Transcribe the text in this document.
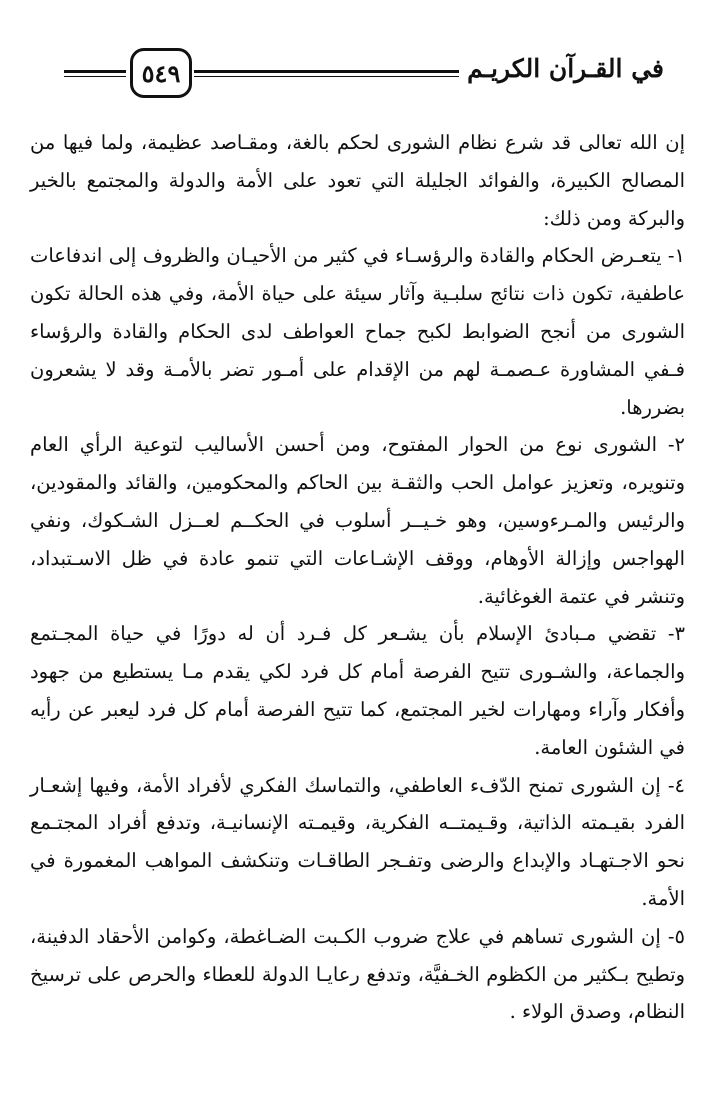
٥٤٩	في القـرآن الكريـم

إن الله تعالى قد شرع نظام الشورى لحكم بالغة، ومقـاصد عظيمة، ولما فيها من المصالح الكبيرة، والفوائد الجليلة التي تعود على الأمة والدولة والمجتمع بالخير والبركة ومن ذلك:

١- يتعـرض الحكام والقادة والرؤسـاء في كثير من الأحيـان والظروف إلى اندفاعات عاطفية، تكون ذات نتائج سلبـية وآثار سيئة على حياة الأمة، وفي هذه الحالة تكون الشورى من أنجح الضوابط لكبح جماح العواطف لدى الحكام والقادة والرؤساء فـفي المشاورة عـصمـة لهم من الإقدام على أمـور تضر بالأمـة وقد لا يشعرون بضررها.

٢- الشورى نوع من الحوار المفتوح، ومن أحسن الأساليب لتوعية الرأي العام وتنويره، وتعزيز عوامل الحب والثقـة بين الحاكم والمحكومين، والقائد والمقودين، والرئيس والمـرءوسين، وهو خـيــر أسلوب في الحكــم لعــزل الشـكوك، ونفي الهواجس وإزالة الأوهام، ووقف الإشـاعات التي تنمو عادة في ظل الاسـتبداد، وتنشر في عتمة الغوغائية.

٣- تقضي مـبادئ الإسلام بأن يشـعر كل فـرد أن له دورًا في حياة المجـتمع والجماعة، والشـورى تتيح الفرصة أمام كل فرد لكي يقدم مـا يستطيع من جهود وأفكار وآراء ومهارات لخير المجتمع، كما تتيح الفرصة أمام كل فرد ليعبر عن رأيه في الشئون العامة.

٤- إن الشورى تمنح الدّفء العاطفي، والتماسك الفكري لأفراد الأمة، وفيها إشعـار الفرد بقيـمته الذاتية، وقـيمتــه الفكرية، وقيمـته الإنسانيـة، وتدفع أفراد المجتـمع نحو الاجـتهـاد والإبداع والرضى وتفـجر الطاقـات وتنكشف المواهب المغمورة في الأمة.

٥- إن الشورى تساهم في علاج ضروب الكـبت الضـاغطة، وكوامن الأحقاد الدفينة، وتطيح بـكثير من الكظوم الخـفيَّة، وتدفع رعايـا الدولة للعطاء والحرص على ترسيخ النظام، وصدق الولاء .
